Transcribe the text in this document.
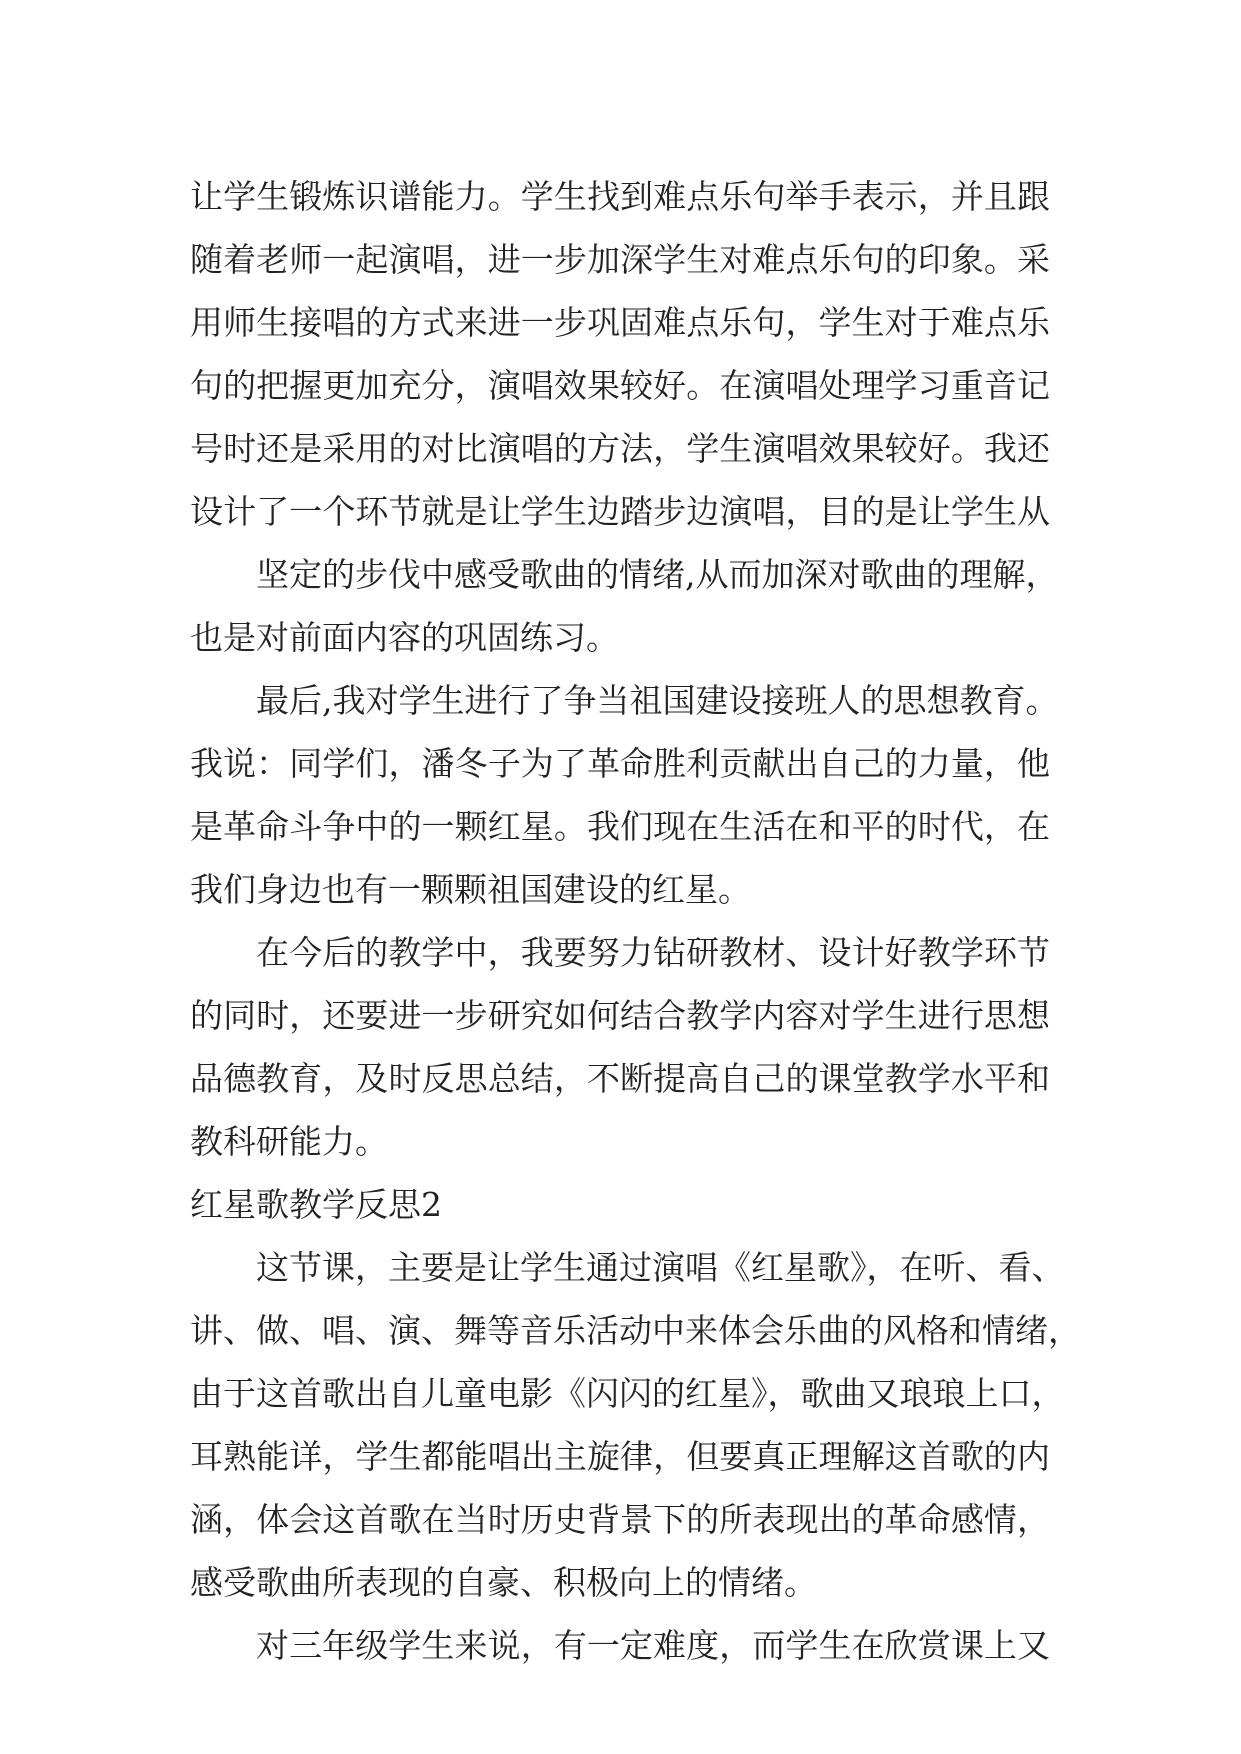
让学生锻炼识谱能力。学生找到难点乐句举手表示，并且跟
随着老师一起演唱，进一步加深学生对难点乐句的印象。采
用师生接唱的方式来进一步巩固难点乐句，学生对于难点乐
句的把握更加充分，演唱效果较好。在演唱处理学习重音记
号时还是采用的对比演唱的方法，学生演唱效果较好。我还
设计了一个环节就是让学生边踏步边演唱，目的是让学生从
坚定的步伐中感受歌曲的情绪,从而加深对歌曲的理解，
也是对前面内容的巩固练习。
最后,我对学生进行了争当祖国建设接班人的思想教育。
我说：同学们，潘冬子为了革命胜利贡献出自己的力量，他
是革命斗争中的一颗红星。我们现在生活在和平的时代，在
我们身边也有一颗颗祖国建设的红星。
在今后的教学中，我要努力钻研教材、设计好教学环节
的同时，还要进一步研究如何结合教学内容对学生进行思想
品德教育，及时反思总结，不断提高自己的课堂教学水平和
教科研能力。
红星歌教学反思2
这节课，主要是让学生通过演唱《红星歌》，在听、看、
讲、做、唱、演、舞等音乐活动中来体会乐曲的风格和情绪，
由于这首歌出自儿童电影《闪闪的红星》，歌曲又琅琅上口，
耳熟能详，学生都能唱出主旋律，但要真正理解这首歌的内
涵，体会这首歌在当时历史背景下的所表现出的革命感情，
感受歌曲所表现的自豪、积极向上的情绪。
对三年级学生来说，有一定难度，而学生在欣赏课上又
